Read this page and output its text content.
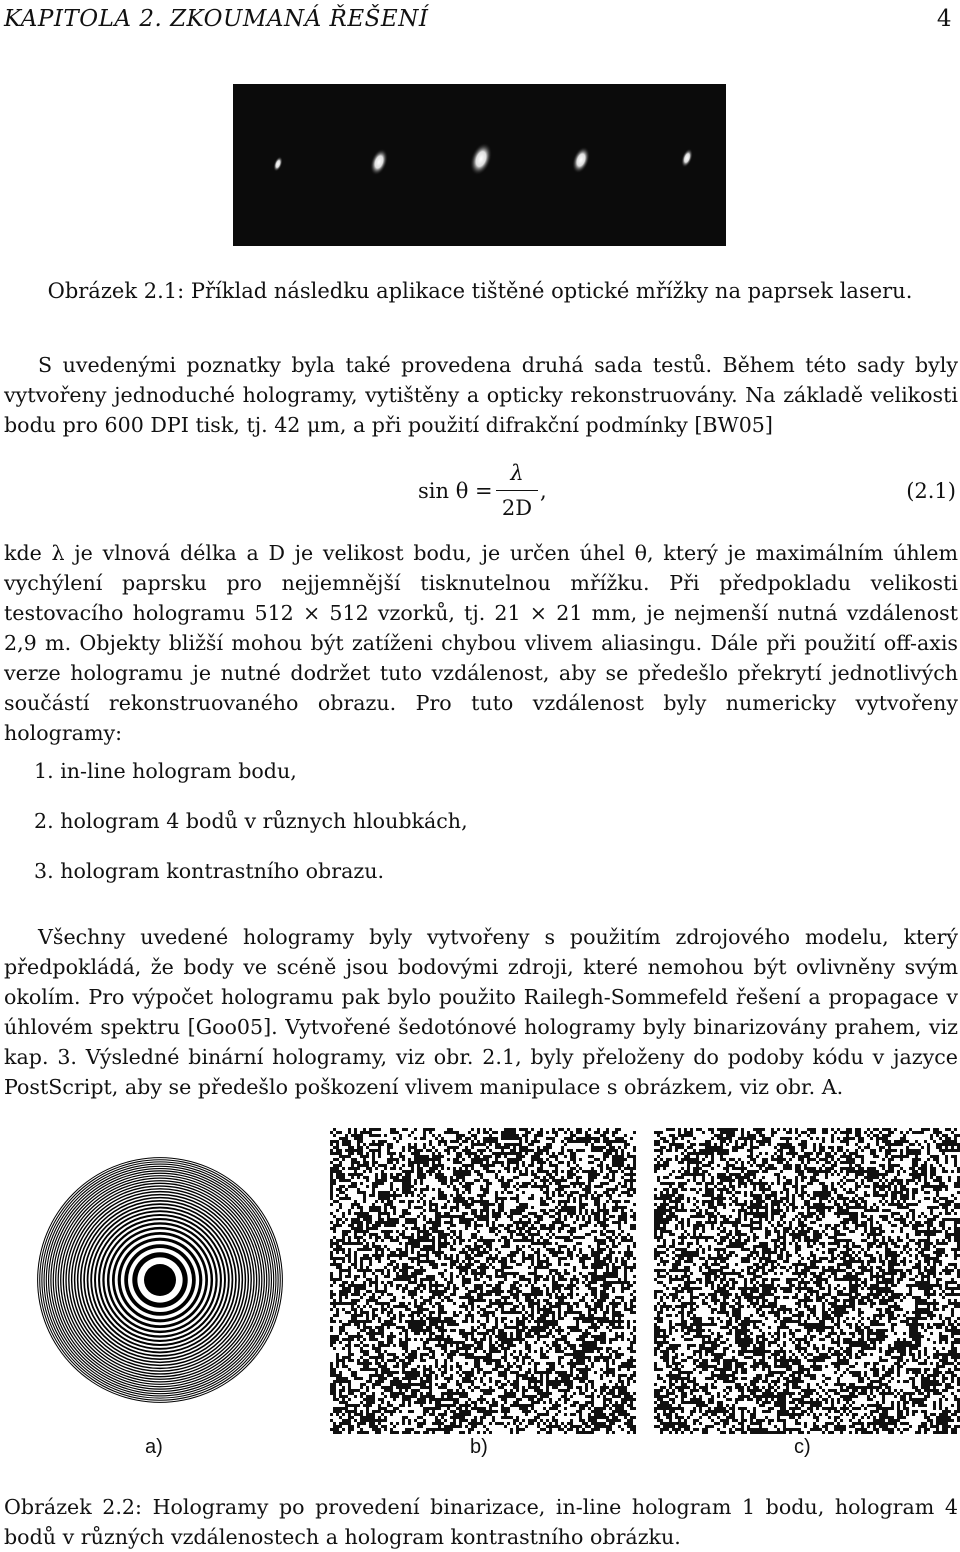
KAPITOLA 2. ZKOUMANÁ ŘEŠENÍ	4
Obrázek 2.1: Příklad následku aplikace tištěné optické mřížky na paprsek laseru.

S uvedenými poznatky byla také provedena druhá sada testů. Během této sady byly vytvořeny jednoduché hologramy, vytištěny a opticky rekonstruovány. Na základě velikosti bodu pro 600 DPI tisk, tj. 42 μm, a při použití difrakční podmínky [BW05]

sin θ =
λ
2D
,	(2.1)

kde λ je vlnová délka a D je velikost bodu, je určen úhel θ, který je maximálním úhlem vychýlení paprsku pro nejjemnější tisknutelnou mřížku. Při předpokladu velikosti testovacího hologramu 512 × 512 vzorků, tj. 21 × 21 mm, je nejmenší nutná vzdálenost 2,9 m. Objekty bližší mohou být zatíženi chybou vlivem aliasingu. Dále při použití off-axis verze hologramu je nutné dodržet tuto vzdálenost, aby se předešlo překrytí jednotlivých součástí rekonstruovaného obrazu. Pro tuto vzdálenost byly numericky vytvořeny hologramy:

1. in-line hologram bodu,
2. hologram 4 bodů v různych hloubkách,
3. hologram kontrastního obrazu.

Všechny uvedené hologramy byly vytvořeny s použitím zdrojového modelu, který předpokládá, že body ve scéně jsou bodovými zdroji, které nemohou být ovlivněny svým okolím. Pro výpočet hologramu pak bylo použito Railegh-Sommefeld řešení a propagace v úhlovém spektru [Goo05]. Vytvořené šedotónové hologramy byly binarizovány prahem, viz kap. 3. Výsledné binární hologramy, viz obr. 2.1, byly přeloženy do podoby kódu v jazyce PostScript, aby se předešlo poškození vlivem manipulace s obrázkem, viz obr. A.

a)	b)	c)

Obrázek 2.2: Hologramy po provedení binarizace, in-line hologram 1 bodu, hologram 4 bodů v různých vzdálenostech a hologram kontrastního obrázku.
